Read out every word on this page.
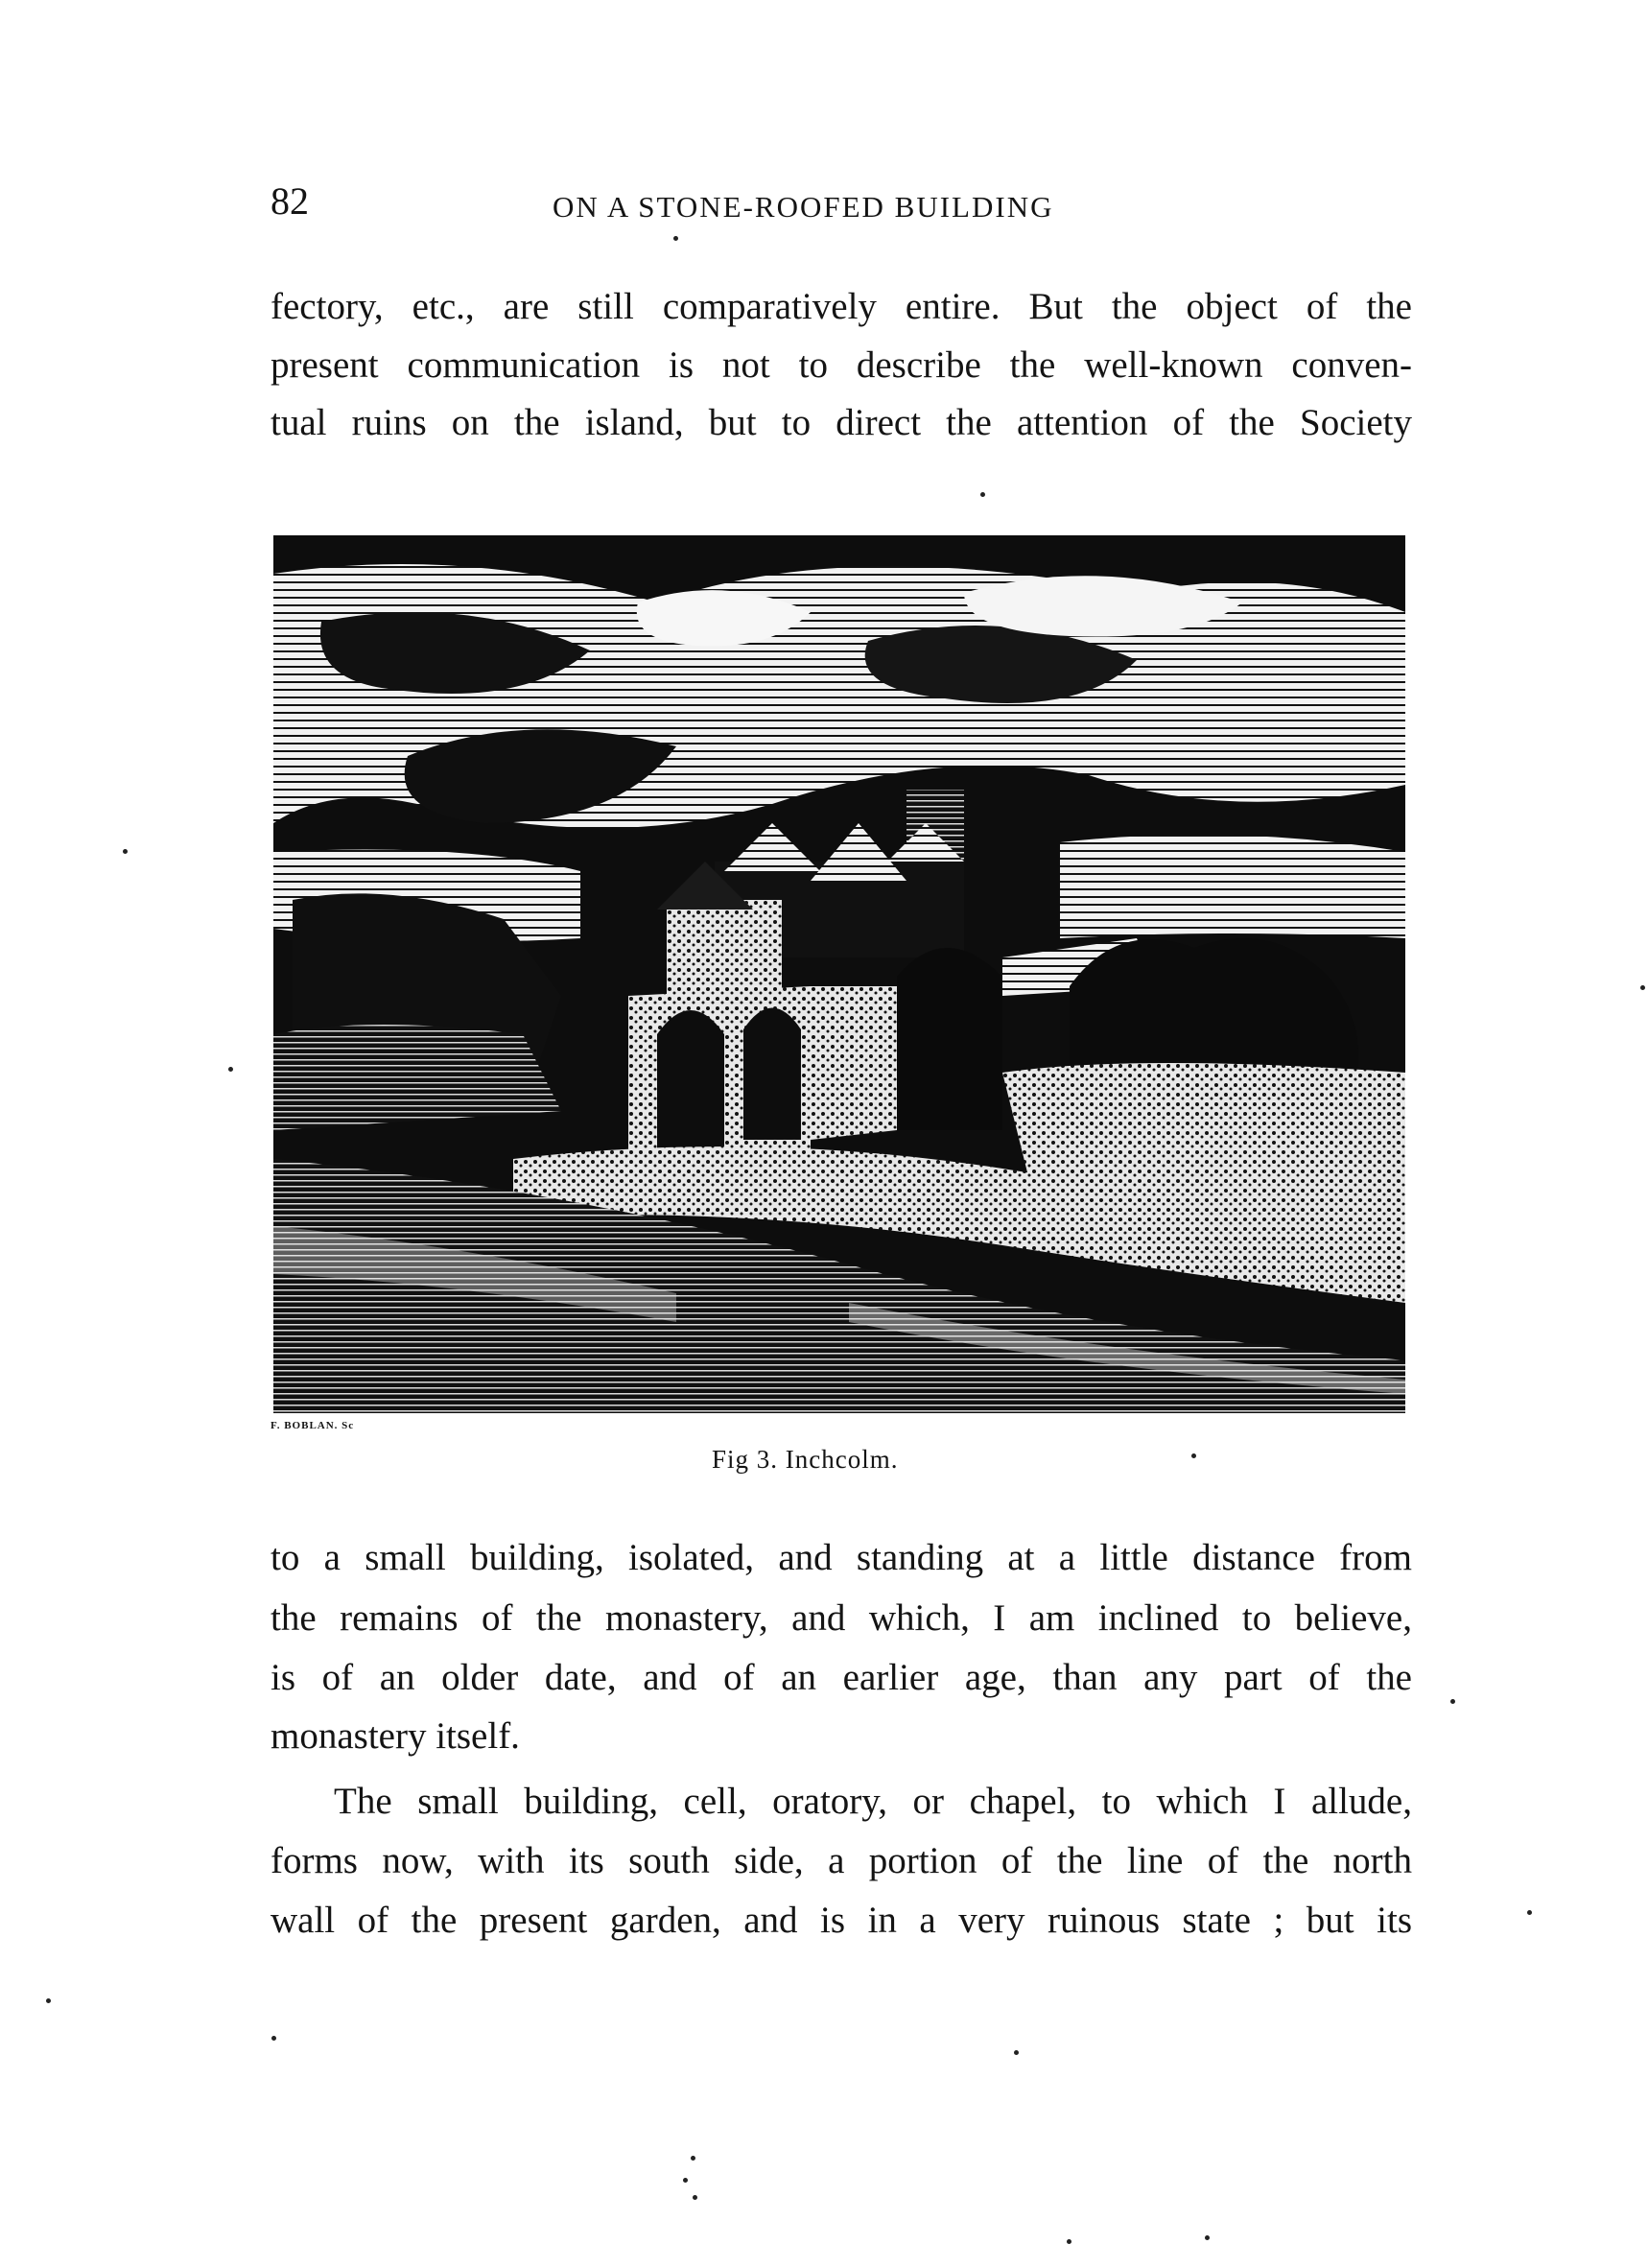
82	ON A STONE-ROOFED BUILDING
fectory, etc., are still comparatively entire. But the object of the
present communication is not to describe the well-known conven-
tual ruins on the island, but to direct the attention of the Society
F. BOBLAN. Sc
Fig 3. Inchcolm.
to a small building, isolated, and standing at a little distance from
the remains of the monastery, and which, I am inclined to believe,
is of an older date, and of an earlier age, than any part of the
monastery itself.
The small building, cell, oratory, or chapel, to which I allude,
forms now, with its south side, a portion of the line of the north
wall of the present garden, and is in a very ruinous state ; but its
